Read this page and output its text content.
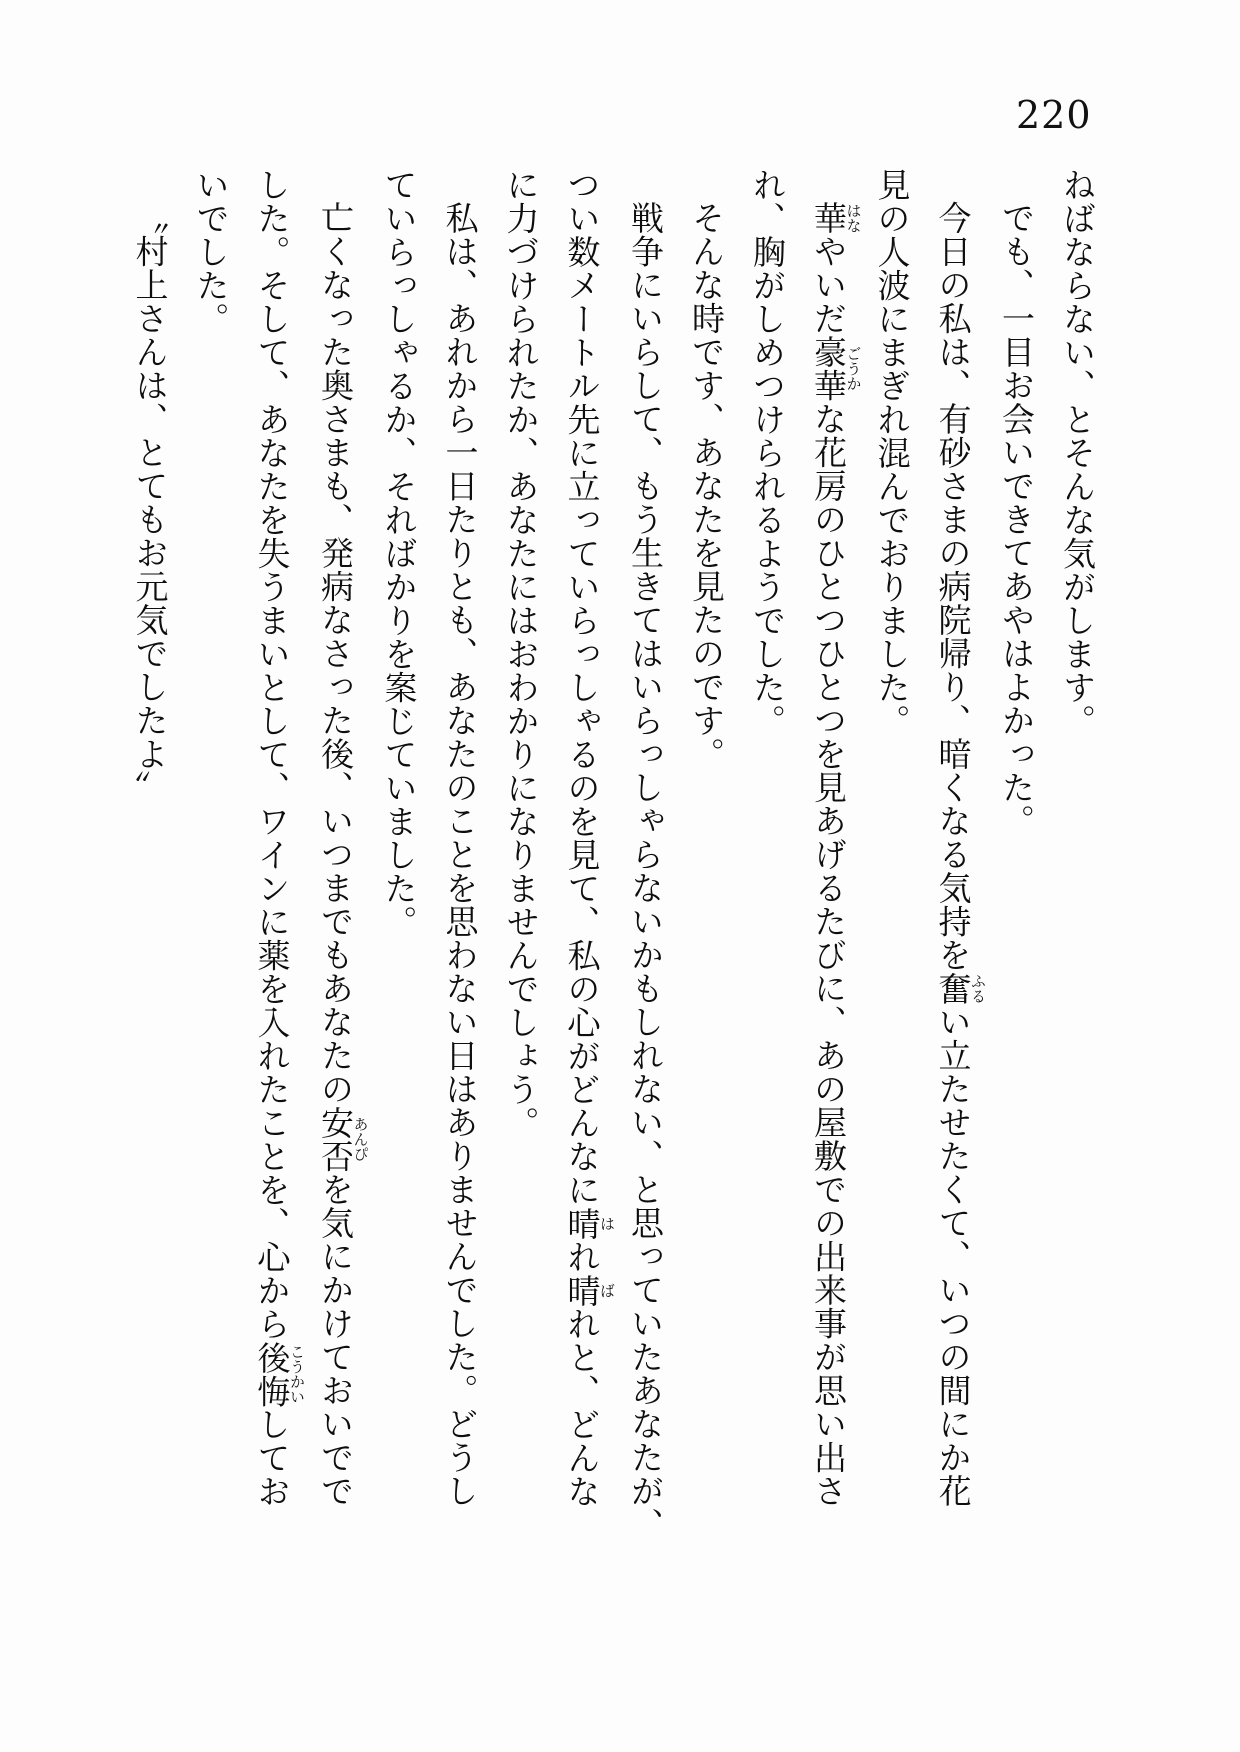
220

ねばならない、とそんな気がします。

でも、一目お会いできてあやはよかった。

今日の私は、有砂さまの病院帰り、暗くなる気持を奮ふるい立たせたくて、いつの間にか花

見の人波にまぎれ混んでおりました。

華はなやいだ豪華ごうかな花房のひとつひとつを見あげるたびに、あの屋敷での出来事が思い出さ

れ、胸がしめつけられるようでした。

そんな時です、あなたを見たのです。

戦争にいらして、もう生きてはいらっしゃらないかもしれない、と思っていたあなたが、

つい数メートル先に立っていらっしゃるのを見て、私の心がどんなに晴はれ晴ばれと、どんな

に力づけられたか、あなたにはおわかりになりませんでしょう。

私は、あれから一日たりとも、あなたのことを思わない日はありませんでした。どうし

ていらっしゃるか、そればかりを案じていました。

亡くなった奥さまも、発病なさった後、いつまでもあなたの安否あんぴを気にかけておいでで

した。そして、あなたを失うまいとして、ワインに薬を入れたことを、心から後悔こうかいしてお

いでした。

〝村上さんは、とてもお元気でしたよ〟
